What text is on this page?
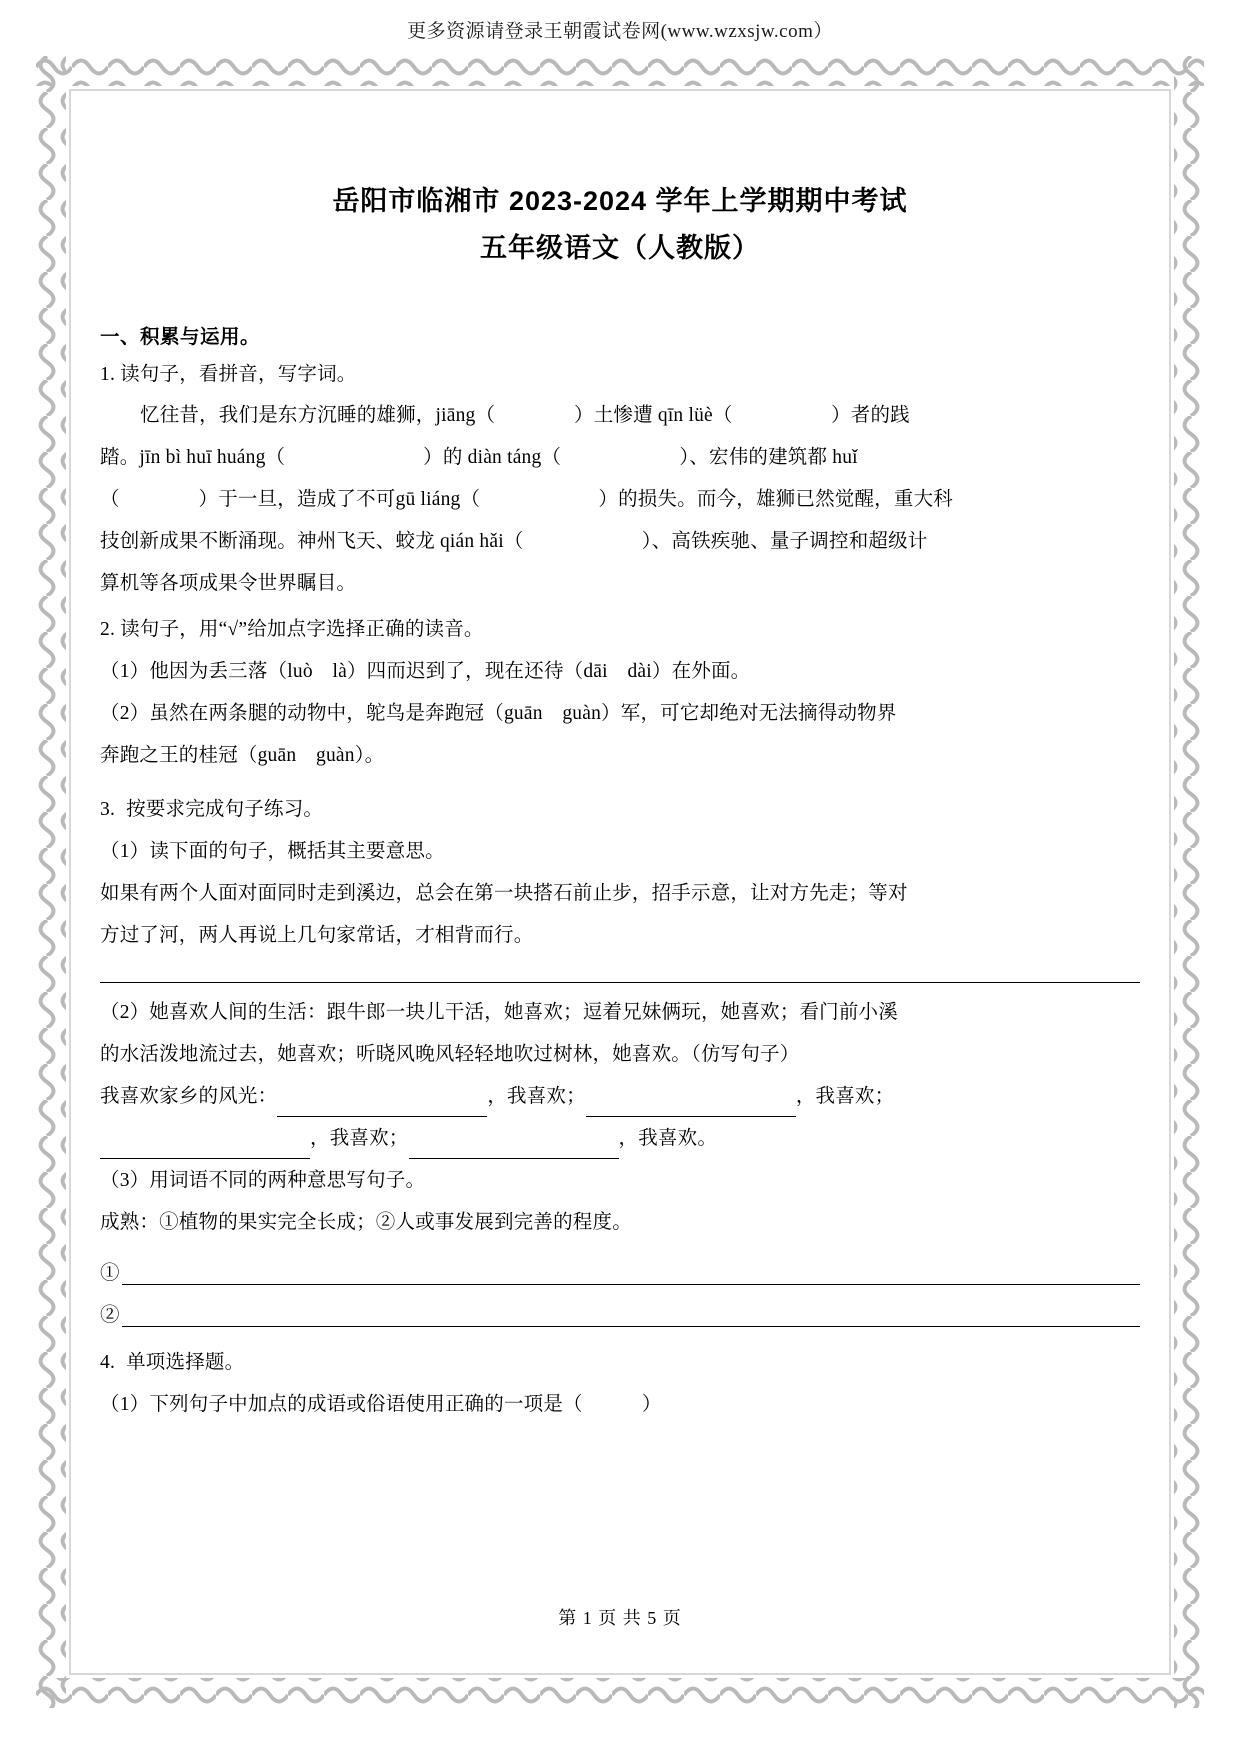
更多资源请登录王朝霞试卷网(www.wzxsjw.com）
岳阳市临湘市 2023-2024 学年上学期期中考试
五年级语文（人教版）
一、积累与运用。
1. 读句子，看拼音，写字词。
忆往昔，我们是东方沉睡的雄狮，jiāng（　　　　）土惨遭 qīn lüè（　　　　　）者的践
踏。jīn bì huī huáng（　　　　　　　）的 diàn táng（　　　　　　）、宏伟的建筑都 huǐ
（　　　　）于一旦，造成了不可gū liáng（　　　　　　）的损失。而今，雄狮已然觉醒，重大科
技创新成果不断涌现。神州飞天、蛟龙 qián hǎi（　　　　　　）、高铁疾驰、量子调控和超级计
算机等各项成果令世界瞩目。
2. 读句子，用“√”给加点字选择正确的读音。
（1）他因为丢三落（luò　là）四而迟到了，现在还待（dāi　dài）在外面。
（2）虽然在两条腿的动物中，鸵鸟是奔跑冠（guān　guàn）军，可它却绝对无法摘得动物界
奔跑之王的桂冠（guān　guàn）。
3. 按要求完成句子练习。
（1）读下面的句子，概括其主要意思。
如果有两个人面对面同时走到溪边，总会在第一块搭石前止步，招手示意，让对方先走；等对
方过了河，两人再说上几句家常话，才相背而行。
（2）她喜欢人间的生活：跟牛郎一块儿干活，她喜欢；逗着兄妹俩玩，她喜欢；看门前小溪
的水活泼地流过去，她喜欢；听晓风晚风轻轻地吹过树林，她喜欢。（仿写句子）
我喜欢家乡的风光：	，我喜欢；	，我喜欢；
，我喜欢；	，我喜欢。
（3）用词语不同的两种意思写句子。
成熟：①植物的果实完全长成；②人或事发展到完善的程度。
①
②
4. 单项选择题。
（1）下列句子中加点的成语或俗语使用正确的一项是（　　　）
第 1 页 共 5 页
